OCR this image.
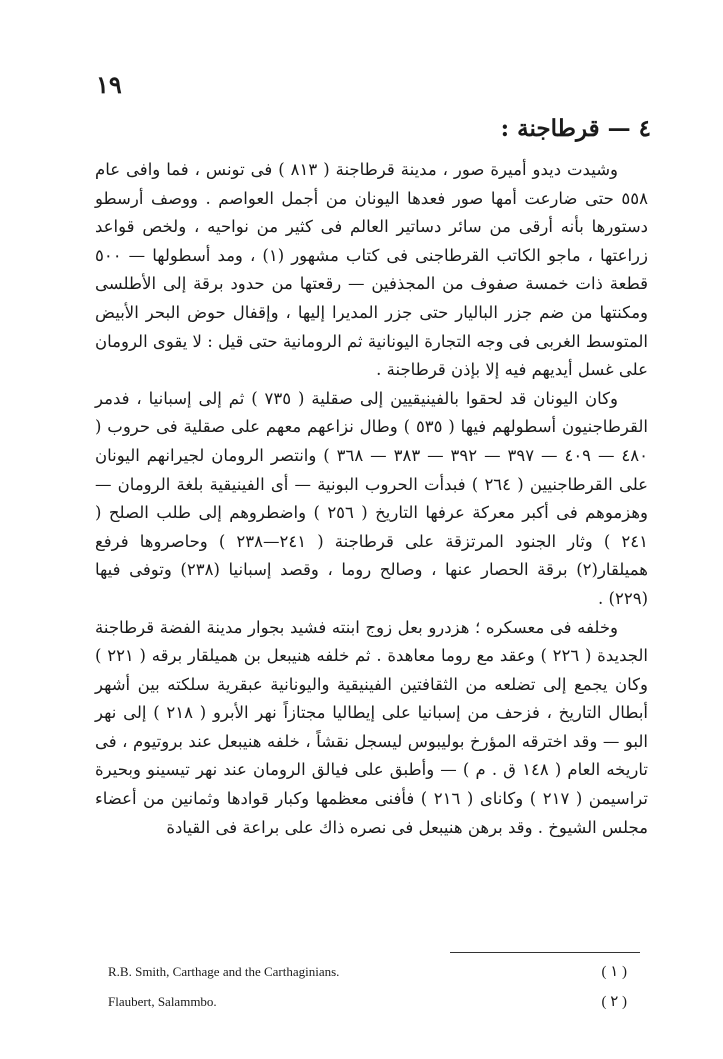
١٩
٤ — قرطاجنة :

وشيدت ديدو أميرة صور ، مدينة قرطاجنة ( ٨١٣ ) فى تونس ، فما وافى عام ٥٥٨ حتى ضارعت أمها صور فعدها اليونان من أجمل العواصم . ووصف أرسطو دستورها بأنه أرقى من سائر دساتير العالم فى كثير من نواحيه ، ولخص قواعد زراعتها ، ماجو الكاتب القرطاجنى فى كتاب مشهور (١) ، ومد أسطولها — ٥٠٠ قطعة ذات خمسة صفوف من المجذفين — رقعتها من حدود برقة إلى الأطلسى ومكنتها من ضم جزر الباليار حتى جزر المديرا إليها ، وإقفال حوض البحر الأبيض المتوسط الغربى فى وجه التجارة اليونانية ثم الرومانية حتى قيل : لا يقوى الرومان على غسل أيديهم فيه إلا بإذن قرطاجنة .

وكان اليونان قد لحقوا بالفينيقيين إلى صقلية ( ٧٣٥ ) ثم إلى إسبانيا ، فدمر القرطاجنيون أسطولهم فيها ( ٥٣٥ ) وطال نزاعهم معهم على صقلية فى حروب ( ٤٨٠ — ٤٠٩ — ٣٩٧ — ٣٩٢ — ٣٨٣ — ٣٦٨ ) وانتصر الرومان لجيرانهم اليونان على القرطاجنيين ( ٢٦٤ ) فبدأت الحروب البونية — أى الفينيقية بلغة الرومان — وهزموهم فى أكبر معركة عرفها التاريخ ( ٢٥٦ ) واضطروهم إلى طلب الصلح ( ٢٤١ ) وثار الجنود المرتزقة على قرطاجنة ( ٢٤١—٢٣٨ ) وحاصروها فرفع هميلقار(٢) برقة الحصار عنها ، وصالح روما ، وقصد إسبانيا (٢٣٨) وتوفى فيها (٢٢٩) .

وخلفه فى معسكره ؛ هزدرو بعل زوج ابنته فشيد بجوار مدينة الفضة قرطاجنة الجديدة ( ٢٢٦ ) وعقد مع روما معاهدة . ثم خلفه هنيبعل بن هميلقار برقه ( ٢٢١ ) وكان يجمع إلى تضلعه من الثقافتين الفينيقية واليونانية عبقرية سلكته بين أشهر أبطال التاريخ ، فزحف من إسبانيا على إيطاليا مجتازاً نهر الأبرو ( ٢١٨ ) إلى نهر البو — وقد اخترقه المؤرخ بوليبوس ليسجل نقشاً ، خلفه هنيبعل عند بروتيوم ، فى تاريخه العام ( ١٤٨ ق . م ) — وأطبق على فيالق الرومان عند نهر تيسينو وبحيرة تراسيمن ( ٢١٧ ) وكاناى ( ٢١٦ ) فأفنى معظمها وكبار قوادها وثمانين من أعضاء مجلس الشيوخ . وقد برهن هنيبعل فى نصره ذاك على براعة فى القيادة

R.B. Smith, Carthage and the Carthaginians.	( ١ )
Flaubert, Salammbo.	( ٢ )
